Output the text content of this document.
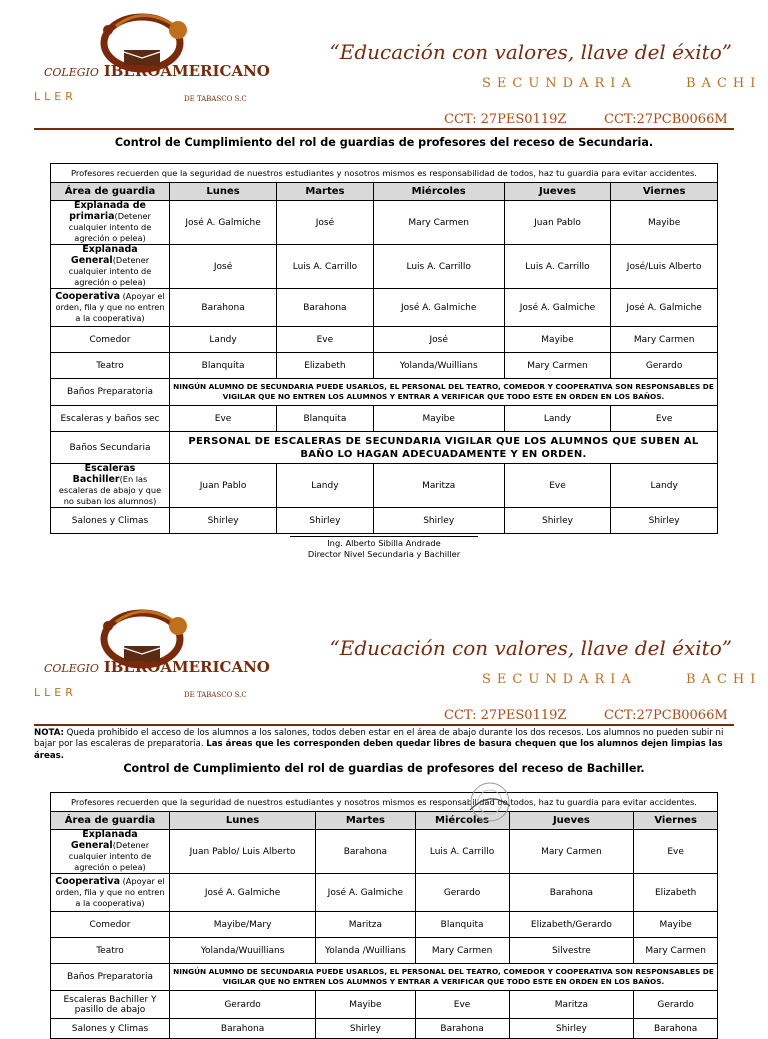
LLER
COLEGIO IBEROAMERICANO
DE TABASCO S.C
“Educación con valores, llave del éxito”
SECUNDARIA	BACHI
CCT: 27PES0119Z	CCT:27PCB0066M
Control de Cumplimiento del rol de guardias de profesores del receso de Secundaria.
Profesores recuerden que la seguridad de nuestros estudiantes y nosotros mismos es responsabilidad de todos, haz tu guardia para evitar accidentes.					
Área de guardia	Lunes	Martes	Miércoles	Jueves	Viernes
Explanada de primaria(Detener cualquier intento de agreción o pelea)	José A. Galmiche	José	Mary Carmen	Juan Pablo	Mayibe
Explanada General(Detener cualquier intento de agreción o pelea)	José	Luis A. Carrillo	Luis A. Carrillo	Luis A. Carrillo	José/Luis Alberto
Cooperativa (Apoyar el orden, fila y que no entren a la cooperativa)	Barahona	Barahona	José A. Galmiche	José A. Galmiche	José A. Galmiche
Comedor	Landy	Eve	José	Mayibe	Mary Carmen
Teatro	Blanquita	Elizabeth	Yolanda/Wuillians	Mary Carmen	Gerardo
Baños Preparatoria	NINGÚN ALUMNO DE SECUNDARIA PUEDE USARLOS, EL PERSONAL DEL TEATRO, COMEDOR Y COOPERATIVA SON RESPONSABLES DE VIGILAR QUE NO ENTREN LOS ALUMNOS Y ENTRAR A VERIFICAR QUE TODO ESTE EN ORDEN EN LOS BAÑOS.				
Escaleras y baños sec	Eve	Blanquita	Mayibe	Landy	Eve
Baños Secundaria	PERSONAL DE ESCALERAS DE SECUNDARIA VIGILAR QUE LOS ALUMNOS QUE SUBEN AL BAÑO LO HAGAN ADECUADAMENTE Y EN ORDEN.				
Escaleras Bachiller(En las escaleras de abajo y que no suban los alumnos)	Juan Pablo	Landy	Maritza	Eve	Landy
Salones y Climas	Shirley	Shirley	Shirley	Shirley	Shirley
Ing. Alberto Sibilla Andrade
Director Nivel Secundaria y Bachiller
LLER
COLEGIO IBEROAMERICANO
DE TABASCO S.C
“Educación con valores, llave del éxito”
SECUNDARIA	BACHI
CCT: 27PES0119Z	CCT:27PCB0066M
NOTA: Queda prohibido el acceso de los alumnos a los salones, todos deben estar en el área de abajo durante los dos recesos. Los alumnos no pueden subir ni bajar por las escaleras de preparatoria. Las áreas que les corresponden deben quedar libres de basura chequen que los alumnos dejen limpias las áreas.
Control de Cumplimiento del rol de guardias de profesores del receso de Bachiller.
Profesores recuerden que la seguridad de nuestros estudiantes y nosotros mismos es responsabilidad de todos, haz tu guardia para evitar accidentes.					
Área de guardia	Lunes	Martes	Miércoles	Jueves	Viernes
Explanada General(Detener cualquier intento de agreción o pelea)	Juan Pablo/ Luis Alberto	Barahona	Luis A. Carrillo	Mary Carmen	Eve
Cooperativa (Apoyar el orden, fila y que no entren a la cooperativa)	José A. Galmiche	José A. Galmiche	Gerardo	Barahona	Elizabeth
Comedor	Mayibe/Mary	Maritza	Blanquita	Elizabeth/Gerardo	Mayibe
Teatro	Yolanda/Wuuillians	Yolanda /Wuillians	Mary Carmen	Silvestre	Mary Carmen
Baños Preparatoria	NINGÚN ALUMNO DE SECUNDARIA PUEDE USARLOS, EL PERSONAL DEL TEATRO, COMEDOR Y COOPERATIVA SON RESPONSABLES DE VIGILAR QUE NO ENTREN LOS ALUMNOS Y ENTRAR A VERIFICAR QUE TODO ESTE EN ORDEN EN LOS BAÑOS.				
Escaleras Bachiller Y pasillo de abajo	Gerardo	Mayibe	Eve	Maritza	Gerardo
Salones y Climas	Barahona	Shirley	Barahona	Shirley	Barahona
